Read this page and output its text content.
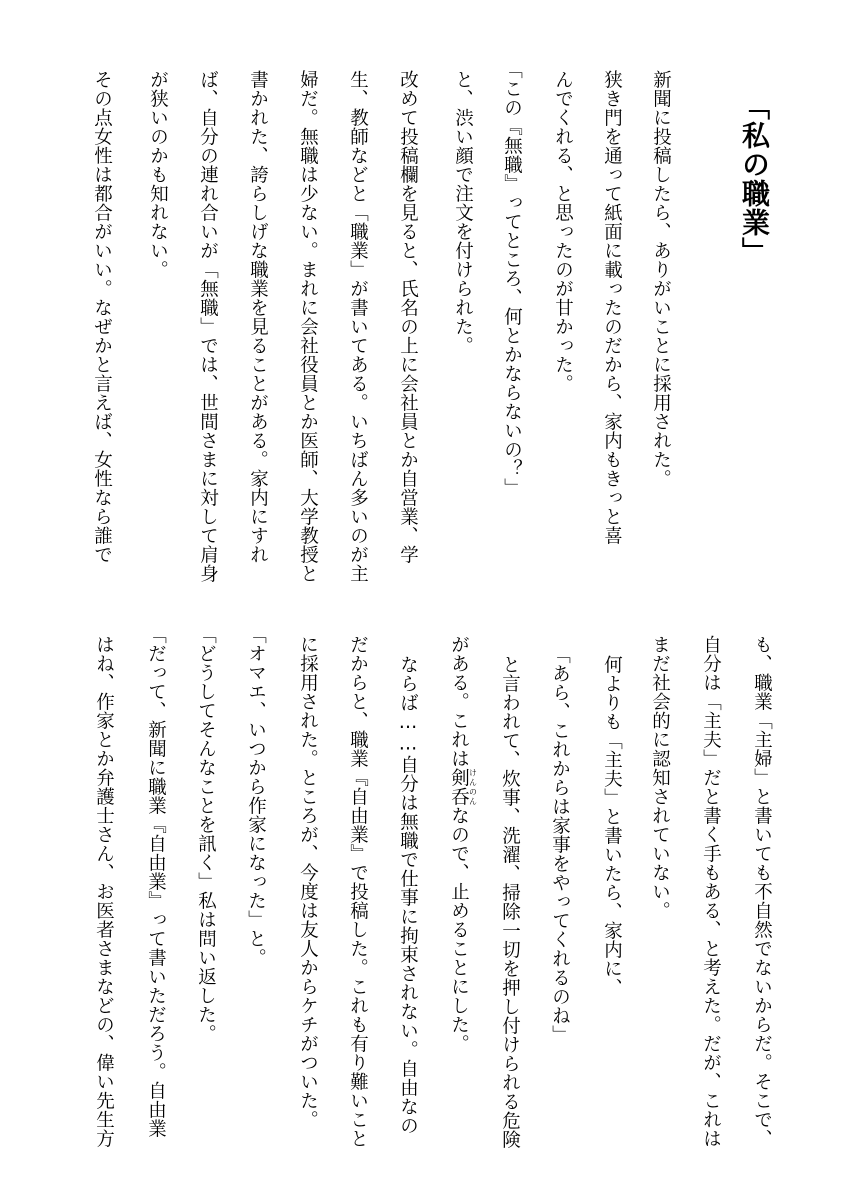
「私の職業」
新聞に投稿したら、ありがいことに採用された。
狭き門を通って紙面に載ったのだから、家内もきっと喜
んでくれる、と思ったのが甘かった。
「この『無職』ってところ、何とかならないの？」
と、渋い顔で注文を付けられた。
改めて投稿欄を見ると、氏名の上に会社員とか自営業、学
生、教師などと「職業」が書いてある。いちばん多いのが主
婦だ。無職は少ない。まれに会社役員とか医師、大学教授と
書かれた、誇らしげな職業を見ることがある。家内にすれ
ば、自分の連れ合いが「無職」では、世間さまに対して肩身
が狭いのかも知れない。
その点女性は都合がいい。なぜかと言えば、女性なら誰で
も、職業「主婦」と書いても不自然でないからだ。そこで、
自分は「主夫」だと書く手もある、と考えた。だが、これは
まだ社会的に認知されていない。
何よりも「主夫」と書いたら、家内に、
「あら、これからは家事をやってくれるのね」
と言われて、炊事、洗濯、掃除一切を押し付けられる危険
がある。これは剣呑 けんのんなので、止めることにした。
ならば……自分は無職で仕事に拘束されない。自由なの
だからと、職業『自由業』で投稿した。これも有り難いこと
に採用された。ところが、今度は友人からケチがついた。
「オマエ、いつから作家になった」と。
「どうしてそんなことを訊く」私は問い返した。
「だって、新聞に職業『自由業』って書いただろう。自由業
はね、作家とか弁護士さん、お医者さまなどの、偉い先生方
